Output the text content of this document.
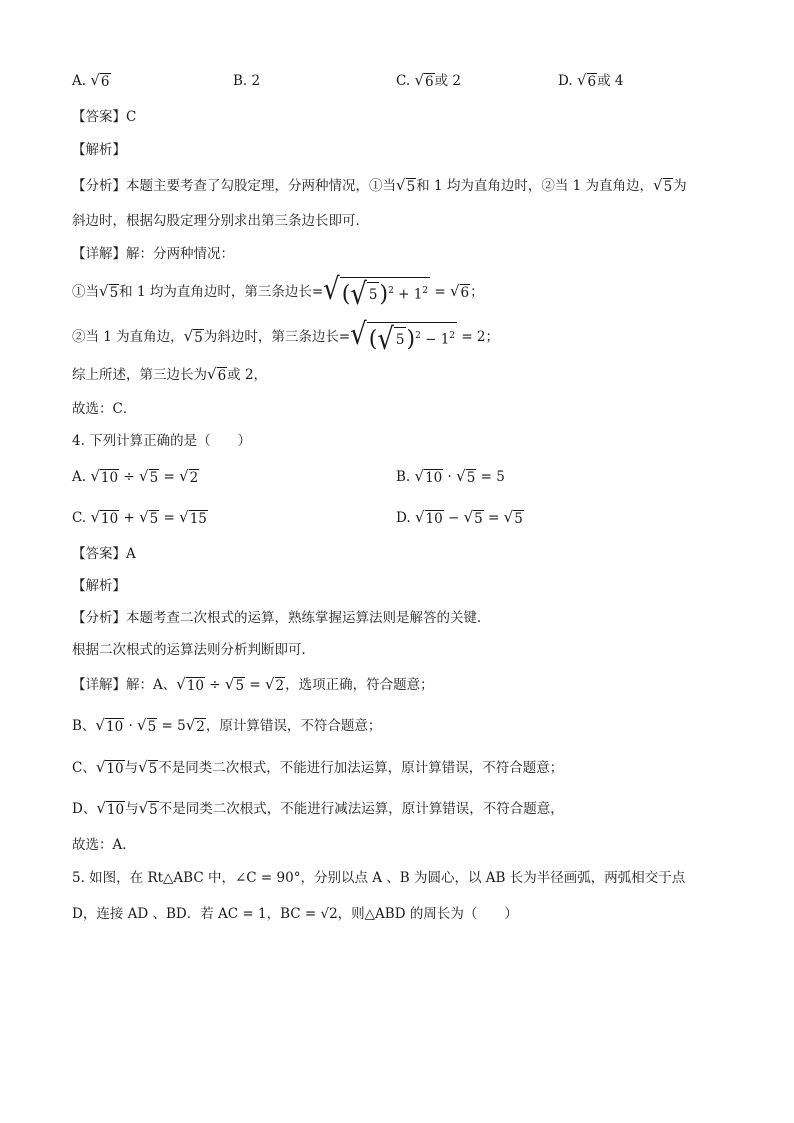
A. √ 6	B. 2	C. √ 6 或 2	D. √ 6 或 4
【答案】C
【解析】
【分析】本题主要考查了勾股定理，分两种情况，①当 √ 5 和 1 均为直角边时，②当 1 为直角边， √ 5 为
斜边时，根据勾股定理分别求出第三条边长即可．
【详解】解：分两种情况：
①当 √ 5 和 1 均为直角边时，第三条边长= √ ( √ 5 )$^2 + 1^2$ = √ 6 ；
②当 1 为直角边， √ 5 为斜边时，第三条边长= √ ( √ 5 )$^2 - 1^2 = 2$；
综上所述，第三边长为 √ 6 或 2，
故选：C．
4. 下列计算正确的是（　　）
A. √ 10 ÷ √ 5 = √ 2	B. √ 10 · √ 5 = 5
C. √ 10 + √ 5 = √ 15	D. √ 10 − √ 5 = √ 5
【答案】A
【解析】
【分析】本题考查二次根式的运算，熟练掌握运算法则是解答的关键．
根据二次根式的运算法则分析判断即可．
【详解】解：A、 √ 10 ÷ √ 5 = √ 2 ，选项正确，符合题意；
B、 √ 10 · √ 5 = 5 √ 2 ，原计算错误，不符合题意；
C、 √ 10 与 √ 5 不是同类二次根式，不能进行加法运算，原计算错误，不符合题意；
D、 √ 10 与 √ 5 不是同类二次根式，不能进行减法运算，原计算错误，不符合题意，
故选：A．
5. 如图，在 Rt△ABC 中，∠C = 90°，分别以点 A 、B 为圆心，以 AB 长为半径画弧，两弧相交于点
D，连接 AD 、BD．若 AC = 1，BC = √2，则△ABD 的周长为（　　）
